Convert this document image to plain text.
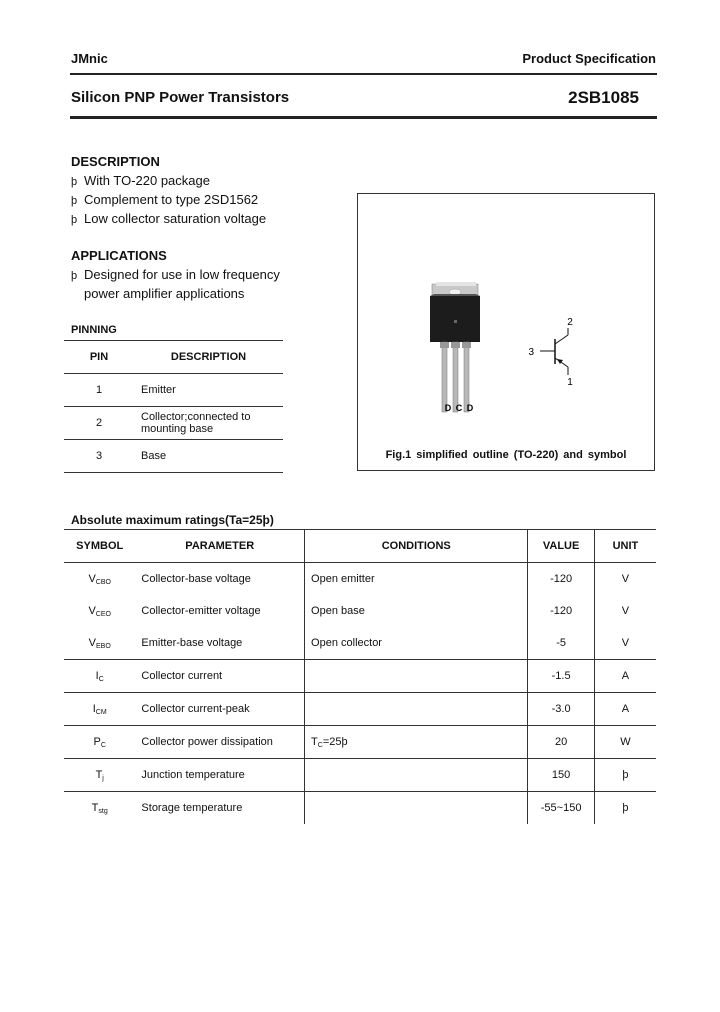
JMnic	Product Specification
Silicon PNP Power Transistors	2SB1085
DESCRIPTION
þ With TO-220 package
þ Complement to type 2SD1562
þ Low collector saturation voltage
APPLICATIONS
þ Designed for use in low frequency
power amplifier applications
PINNING
PIN	DESCRIPTION
1	Emitter
2	Collector;connected to
mounting base

3	Base
D C D
3
2
1
Fig.1 simplified outline (TO-220) and symbol
Absolute maximum ratings(Ta=25þ)
SYMBOL	PARAMETER	CONDITIONS	VALUE	UNIT
$V_{CBO}$	Collector-base voltage	Open emitter	-120	V
$V_{CEO}$	Collector-emitter voltage	Open base	-120	V
$V_{EBO}$	Emitter-base voltage	Open collector	-5	V
$I_C$	Collector current		-1.5	A
$I_{CM}$	Collector current-peak		-3.0	A
$P_C$	Collector power dissipation	$T_C=25þ$	20	W
$T_j$	Junction temperature		150	þ
$T_{stg}$	Storage temperature		-55~150	þ
